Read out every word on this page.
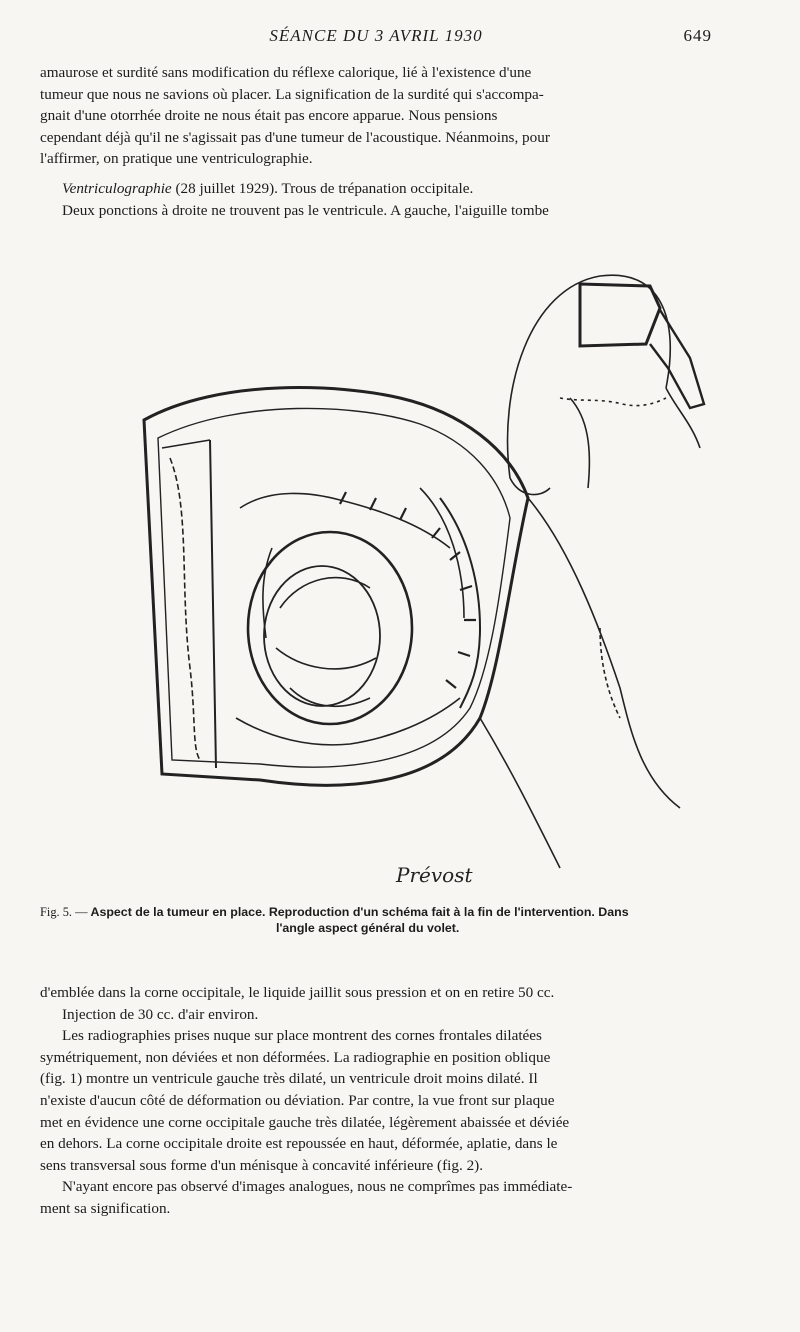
SÉANCE DU 3 AVRIL 1930	649

amaurose et surdité sans modification du réflexe calorique, lié à l'existence d'une

tumeur que nous ne savions où placer. La signification de la surdité qui s'accompa-

gnait d'une otorrhée droite ne nous était pas encore apparue. Nous pensions

cependant déjà qu'il ne s'agissait pas d'une tumeur de l'acoustique. Néanmoins, pour

l'affirmer, on pratique une ventriculographie.

Ventriculographie (28 juillet 1929). Trous de trépanation occipitale.

Deux ponctions à droite ne trouvent pas le ventricule. A gauche, l'aiguille tombe

Prévost
Fig. 5. — Aspect de la tumeur en place. Reproduction d'un schéma fait à la fin de l'intervention. Dans
l'angle aspect général du volet.

d'emblée dans la corne occipitale, le liquide jaillit sous pression et on en retire 50 cc.

Injection de 30 cc. d'air environ.

Les radiographies prises nuque sur place montrent des cornes frontales dilatées

symétriquement, non déviées et non déformées. La radiographie en position oblique

(fig. 1) montre un ventricule gauche très dilaté, un ventricule droit moins dilaté. Il

n'existe d'aucun côté de déformation ou déviation. Par contre, la vue front sur plaque

met en évidence une corne occipitale gauche très dilatée, légèrement abaissée et déviée

en dehors. La corne occipitale droite est repoussée en haut, déformée, aplatie, dans le

sens transversal sous forme d'un ménisque à concavité inférieure (fig. 2).

N'ayant encore pas observé d'images analogues, nous ne comprîmes pas immédiate-

ment sa signification.
